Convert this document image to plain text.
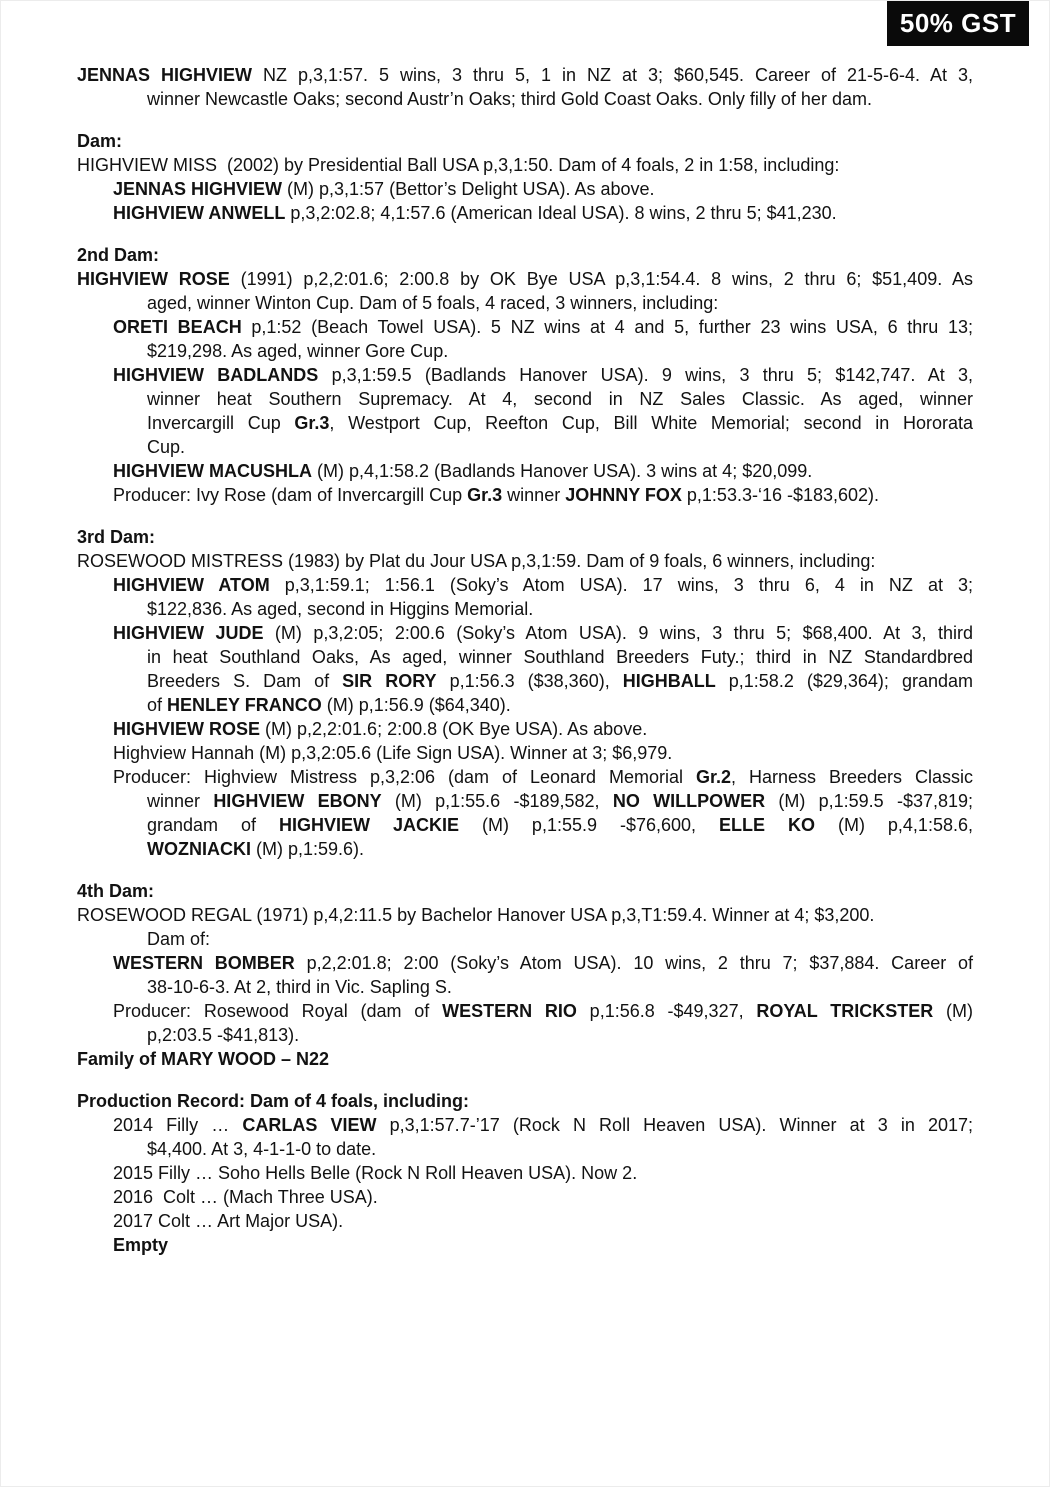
50% GST
JENNAS HIGHVIEW NZ p,3,1:57. 5 wins, 3 thru 5, 1 in NZ at 3; $60,545. Career of 21-5-6-4. At 3,
winner Newcastle Oaks; second Austr’n Oaks; third Gold Coast Oaks. Only filly of her dam.
Dam:
HIGHVIEW MISS  (2002) by Presidential Ball USA p,3,1:50. Dam of 4 foals, 2 in 1:58, including:
JENNAS HIGHVIEW (M) p,3,1:57 (Bettor’s Delight USA). As above.
HIGHVIEW ANWELL p,3,2:02.8; 4,1:57.6 (American Ideal USA). 8 wins, 2 thru 5; $41,230.
2nd Dam:
HIGHVIEW ROSE (1991) p,2,2:01.6; 2:00.8 by OK Bye USA p,3,1:54.4. 8 wins, 2 thru 6; $51,409. As
aged, winner Winton Cup. Dam of 5 foals, 4 raced, 3 winners, including:
ORETI BEACH p,1:52 (Beach Towel USA). 5 NZ wins at 4 and 5, further 23 wins USA, 6 thru 13;
$219,298. As aged, winner Gore Cup.
HIGHVIEW BADLANDS p,3,1:59.5 (Badlands Hanover USA). 9 wins, 3 thru 5; $142,747. At 3,
winner heat Southern Supremacy. At 4, second in NZ Sales Classic. As aged, winner
Invercargill Cup Gr.3, Westport Cup, Reefton Cup, Bill White Memorial; second in Hororata
Cup.
HIGHVIEW MACUSHLA (M) p,4,1:58.2 (Badlands Hanover USA). 3 wins at 4; $20,099.
Producer: Ivy Rose (dam of Invercargill Cup Gr.3 winner JOHNNY FOX p,1:53.3-‘16 -$183,602).
3rd Dam:
ROSEWOOD MISTRESS (1983) by Plat du Jour USA p,3,1:59. Dam of 9 foals, 6 winners, including:
HIGHVIEW ATOM p,3,1:59.1; 1:56.1 (Soky’s Atom USA). 17 wins, 3 thru 6, 4 in NZ at 3;
$122,836. As aged, second in Higgins Memorial.
HIGHVIEW JUDE (M) p,3,2:05; 2:00.6 (Soky’s Atom USA). 9 wins, 3 thru 5; $68,400. At 3, third
in heat Southland Oaks, As aged, winner Southland Breeders Futy.; third in NZ Standardbred
Breeders S. Dam of SIR RORY p,1:56.3 ($38,360), HIGHBALL p,1:58.2 ($29,364); grandam
of HENLEY FRANCO (M) p,1:56.9 ($64,340).
HIGHVIEW ROSE (M) p,2,2:01.6; 2:00.8 (OK Bye USA). As above.
Highview Hannah (M) p,3,2:05.6 (Life Sign USA). Winner at 3; $6,979.
Producer: Highview Mistress p,3,2:06 (dam of Leonard Memorial Gr.2, Harness Breeders Classic
winner HIGHVIEW EBONY (M) p,1:55.6 -$189,582, NO WILLPOWER (M) p,1:59.5 -$37,819;
grandam of HIGHVIEW JACKIE (M) p,1:55.9 -$76,600, ELLE KO (M) p,4,1:58.6,
WOZNIACKI (M) p,1:59.6).
4th Dam:
ROSEWOOD REGAL (1971) p,4,2:11.5 by Bachelor Hanover USA p,3,T1:59.4. Winner at 4; $3,200.
Dam of:
WESTERN BOMBER p,2,2:01.8; 2:00 (Soky’s Atom USA). 10 wins, 2 thru 7; $37,884. Career of
38-10-6-3. At 2, third in Vic. Sapling S.
Producer: Rosewood Royal (dam of WESTERN RIO p,1:56.8 -$49,327, ROYAL TRICKSTER (M)
p,2:03.5 -$41,813).
Family of MARY WOOD – N22
Production Record: Dam of 4 foals, including:
2014 Filly … CARLAS VIEW p,3,1:57.7-’17 (Rock N Roll Heaven USA). Winner at 3 in 2017;
$4,400. At 3, 4-1-1-0 to date.
2015 Filly … Soho Hells Belle (Rock N Roll Heaven USA). Now 2.
2016  Colt … (Mach Three USA).
2017 Colt … Art Major USA).
Empty
